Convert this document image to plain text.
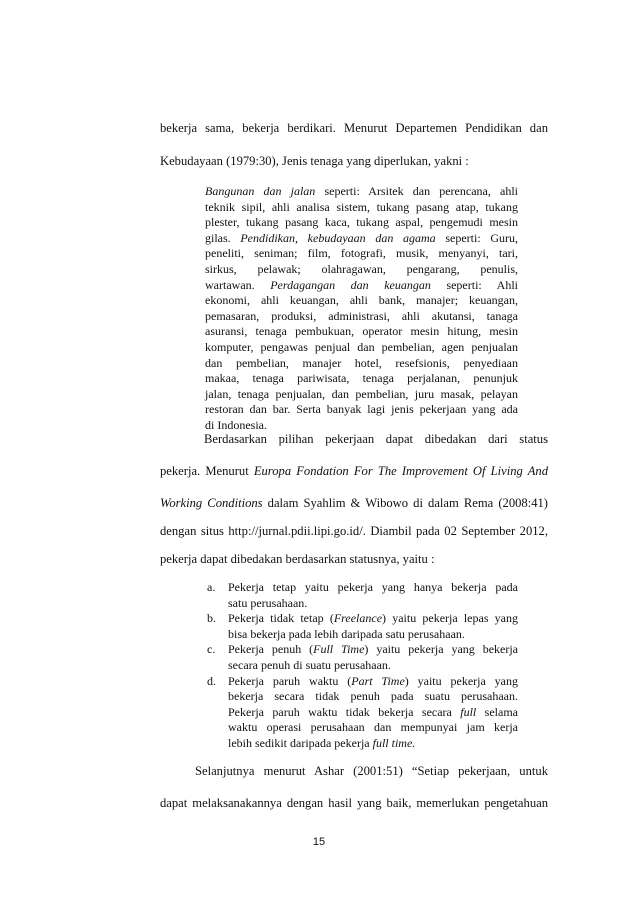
bekerja sama, bekerja berdikari. Menurut Departemen Pendidikan dan

Kebudayaan (1979:30), Jenis tenaga yang diperlukan, yakni :

Bangunan dan jalan seperti: Arsitek dan perencana, ahli
teknik sipil, ahli analisa sistem, tukang pasang atap, tukang
plester, tukang pasang kaca, tukang aspal, pengemudi mesin
gilas. Pendidikan, kebudayaan dan agama seperti: Guru,
peneliti, seniman; film, fotografi, musik, menyanyi, tari,
sirkus, pelawak; olahragawan, pengarang, penulis,
wartawan. Perdagangan dan keuangan seperti: Ahli
ekonomi, ahli keuangan, ahli bank, manajer; keuangan,
pemasaran, produksi, administrasi, ahli akutansi, tanaga
asuransi, tenaga pembukuan, operator mesin hitung, mesin
komputer, pengawas penjual dan pembelian, agen penjualan
dan pembelian, manajer hotel, resefsionis, penyediaan
makaa, tenaga pariwisata, tenaga perjalanan, penunjuk
jalan, tenaga penjualan, dan pembelian, juru masak, pelayan
restoran dan bar. Serta banyak lagi jenis pekerjaan yang ada
di Indonesia.

Berdasarkan pilihan pekerjaan dapat dibedakan dari status

pekerja. Menurut Europa Fondation For The Improvement Of Living And

Working Conditions dalam Syahlim & Wibowo di dalam Rema (2008:41)

dengan situs http://jurnal.pdii.lipi.go.id/. Diambil pada 02 September 2012,

pekerja dapat dibedakan berdasarkan statusnya, yaitu :

a.	Pekerja tetap yaitu pekerja yang hanya bekerja pada
satu perusahaan.
b.	Pekerja tidak tetap (Freelance) yaitu pekerja lepas yang
bisa bekerja pada lebih daripada satu perusahaan.
c.	Pekerja penuh (Full Time) yaitu pekerja yang bekerja
secara penuh di suatu perusahaan.
d.	Pekerja paruh waktu (Part Time) yaitu pekerja yang
bekerja secara tidak penuh pada suatu perusahaan.
Pekerja paruh waktu tidak bekerja secara full selama
waktu operasi perusahaan dan mempunyai jam kerja
lebih sedikit daripada pekerja full time.

Selanjutnya menurut Ashar (2001:51) “Setiap pekerjaan, untuk

dapat melaksanakannya dengan hasil yang baik, memerlukan pengetahuan

15
